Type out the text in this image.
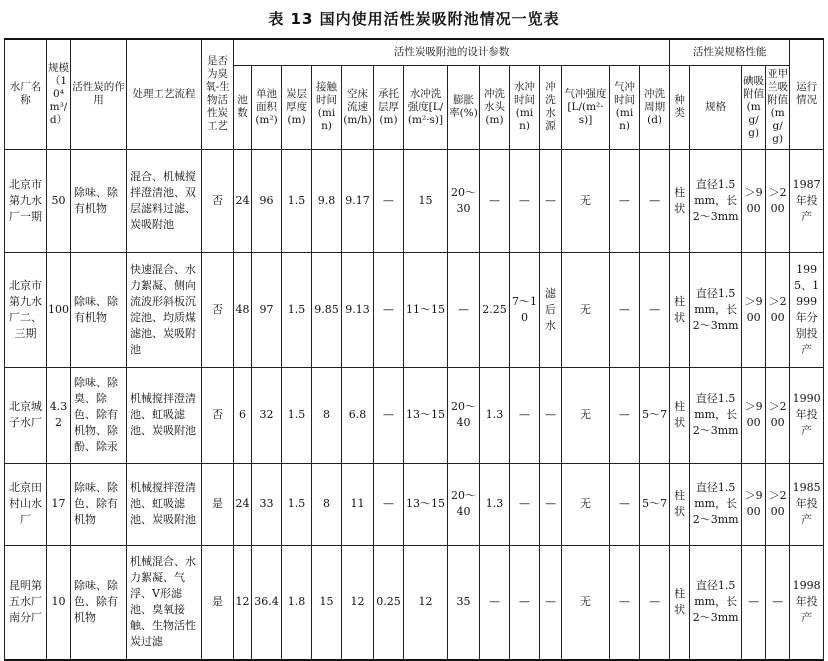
表 13 国内使用活性炭吸附池情况一览表
水厂名称	规模（10⁴ m³/d）	活性炭的作用	处理工艺流程	是否为臭氧-生物活性炭工艺	活性炭吸附池的设计参数														活性炭规格性能				运行情况
					池数	单池面积(m²)	炭层厚度(m)	接触时间(min)	空床流速(m/h)	承托层厚(m)	水冲洗强度[L/(m²·s)]	膨胀率(%)	冲洗水头(m)	水冲时间(min)	冲洗水源	气冲强度[L/(m²·s)]	气冲时间(min)	冲洗周期(d)	种类	规格	碘吸附值(mg/g)	亚甲兰吸附值(mg/g)	
北京市第九水厂一期	50	除味、除有机物	混合、机械搅拌澄清池、双层滤料过滤、炭吸附池	否	24	96	1.5	9.8	9.17	—	15	20～30	—	—	—	无	—	—	柱状	直径1.5mm，长2～3mm	＞900	＞200	1987年投产
北京市第九水厂二、三期	100	除味、除有机物	快速混合、水力絮凝、侧向流波形斜板沉淀池、均质煤滤池、炭吸附池	否	48	97	1.5	9.85	9.13	—	11～15	—	2.25	7～10	滤后水	无	—	—	柱状	直径1.5mm，长2～3mm	＞900	＞200	1995、1999年分别投产
北京城子水厂	4.32	除味、除臭、除色、除有机物、除酚、除汞	机械搅拌澄清池、虹吸滤池、炭吸附池	否	6	32	1.5	8	6.8	—	13～15	20～40	1.3	—	—	无	—	5～7	柱状	直径1.5mm，长2～3mm	＞900	＞200	1990年投产
北京田村山水厂	17	除味、除色、除有机物	机械搅拌澄清池、虹吸滤池、炭吸附池	是	24	33	1.5	8	11	—	13～15	20～40	1.3	—	—	无	—	5～7	柱状	直径1.5mm，长2～3mm	＞900	＞200	1985年投产
昆明第五水厂南分厂	10	除味、除色、除有机物	机械混合、水力絮凝、气浮、V形滤池、臭氧接触、生物活性炭过滤	是	12	36.4	1.8	15	12	0.25	12	35	—	—	—	无	—	—	柱状	直径1.5mm，长2～3mm	—	—	1998年投产
